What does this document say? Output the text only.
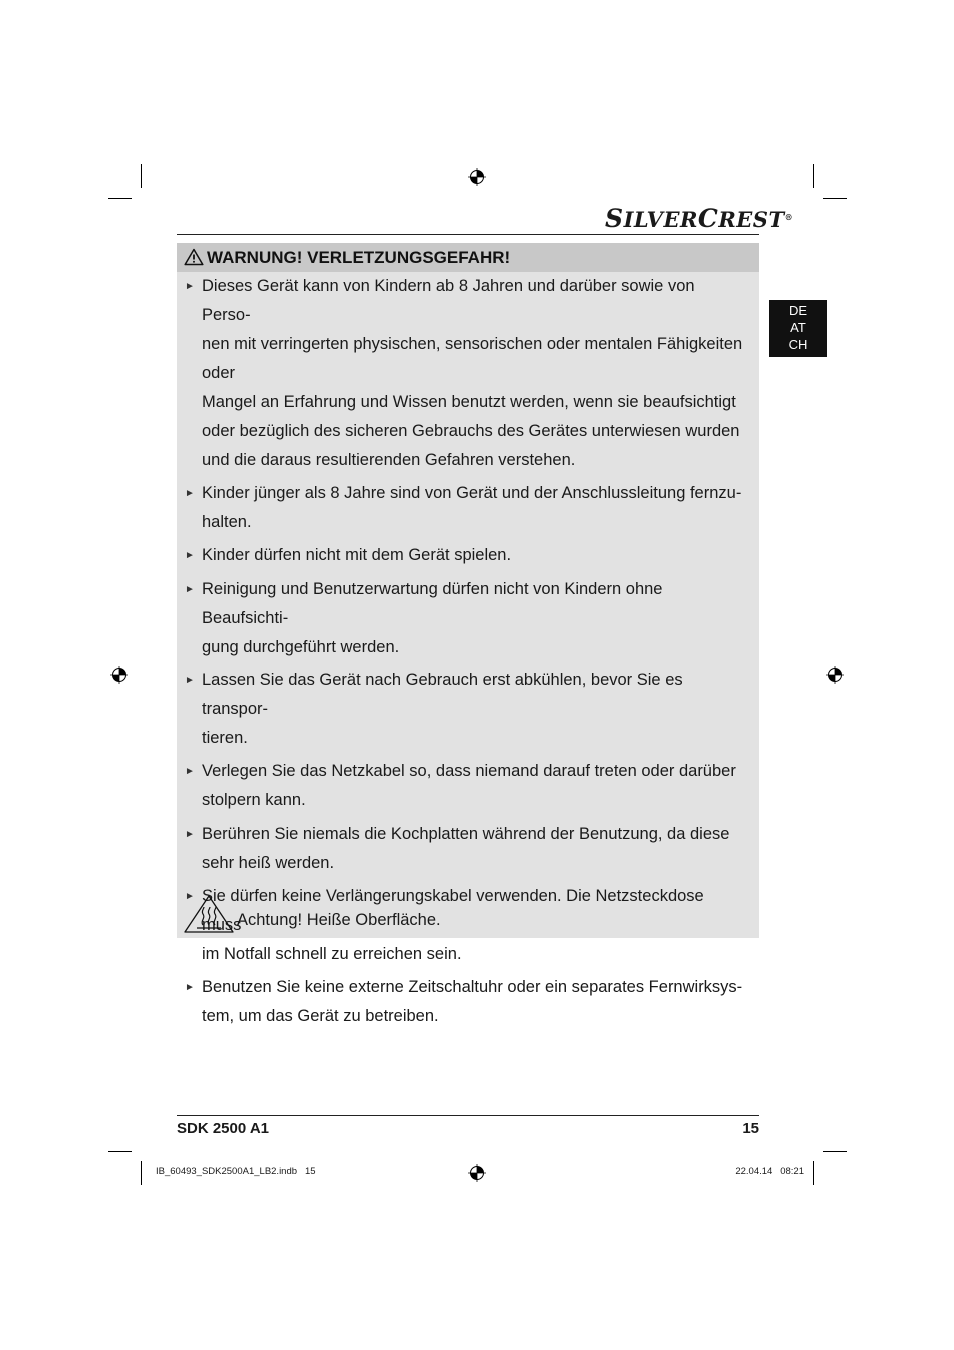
SILVERCREST®
DE
AT
CH
WARNUNG! VERLETZUNGSGEFAHR!
► Dieses Gerät kann von Kindern ab 8 Jahren und darüber sowie von Perso-
nen mit verringerten physischen, sensorischen oder mentalen Fähigkeiten oder
Mangel an Erfahrung und Wissen benutzt werden, wenn sie beaufsichtigt
oder bezüglich des sicheren Gebrauchs des Gerätes unterwiesen wurden
und die daraus resultierenden Gefahren verstehen.
► Kinder jünger als 8 Jahre sind von Gerät und der Anschlussleitung fernzu-
halten.
► Kinder dürfen nicht mit dem Gerät spielen.
► Reinigung und Benutzerwartung dürfen nicht von Kindern ohne Beaufsichti-
gung durchgeführt werden.
► Lassen Sie das Gerät nach Gebrauch erst abkühlen, bevor Sie es transpor-
tieren.
► Verlegen Sie das Netzkabel so, dass niemand darauf treten oder darüber
stolpern kann.
► Berühren Sie niemals die Kochplatten während der Benutzung, da diese
sehr heiß werden.
► Sie dürfen keine Verlängerungskabel verwenden. Die Netzsteckdose muss
im Notfall schnell zu erreichen sein.
► Benutzen Sie keine externe Zeitschaltuhr oder ein separates Fernwirksys-
tem, um das Gerät zu betreiben.
Achtung! Heiße Oberfläche.
SDK 2500 A1	15
IB_60493_SDK2500A1_LB2.indb   15	22.04.14   08:21
